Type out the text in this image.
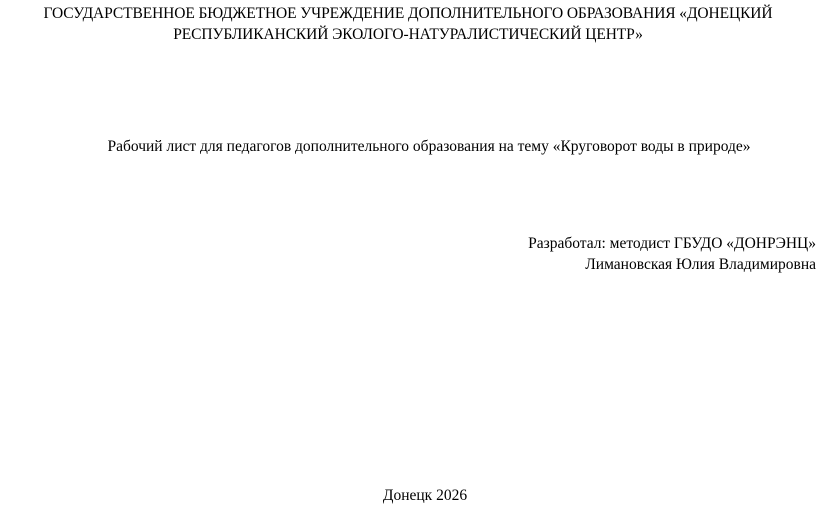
ГОСУДАРСТВЕННОЕ БЮДЖЕТНОЕ УЧРЕЖДЕНИЕ ДОПОЛНИТЕЛЬНОГО ОБРАЗОВАНИЯ «ДОНЕЦКИЙ
РЕСПУБЛИКАНСКИЙ ЭКОЛОГО-НАТУРАЛИСТИЧЕСКИЙ ЦЕНТР»
Рабочий лист для педагогов дополнительного образования на тему «Круговорот воды в природе»
Разработал: методист ГБУДО «ДОНРЭНЦ»
Лимановская Юлия Владимировна
Донецк 2026
